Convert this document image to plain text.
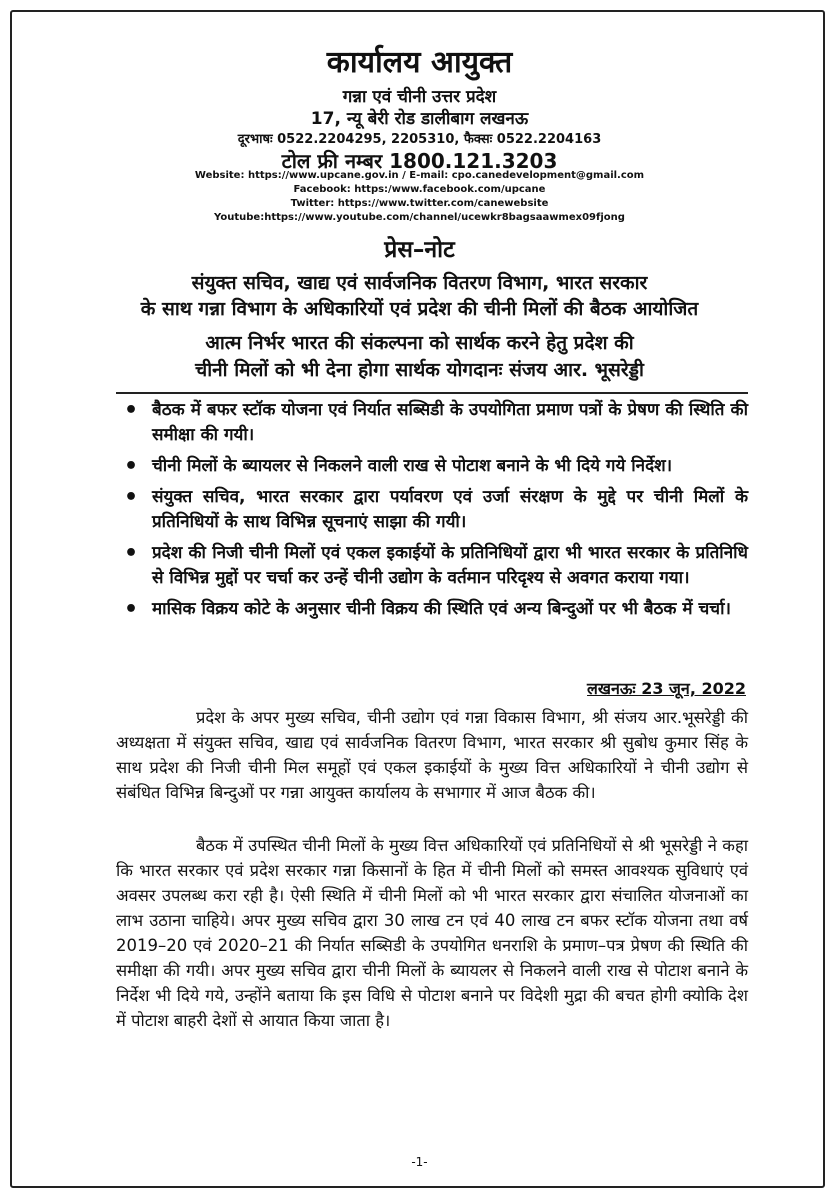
कार्यालय आयुक्त
गन्ना एवं चीनी उत्तर प्रदेश
17, न्यू बेरी रोड डालीबाग लखनऊ
दूरभाषः 0522.2204295, 2205310, फैक्सः 0522.2204163
टोल फ्री नम्बर 1800.121.3203
Website: https://www.upcane.gov.in / E-mail: cpo.canedevelopment@gmail.com
Facebook: https:/www.facebook.com/upcane
Twitter: https://www.twitter.com/canewebsite
Youtube:https://www.youtube.com/channel/ucewkr8bagsaawmex09fjong
प्रेस–नोट
संयुक्त सचिव, खाद्य एवं सार्वजनिक वितरण विभाग, भारत सरकार
के साथ गन्ना विभाग के अधिकारियों एवं प्रदेश की चीनी मिलों की बैठक आयोजित
आत्म निर्भर भारत की संकल्पना को सार्थक करने हेतु प्रदेश की
चीनी मिलों को भी देना होगा सार्थक योगदानः संजय आर. भूसरेड्डी
• बैठक में बफर स्टॉक योजना एवं निर्यात सब्सिडी के उपयोगिता प्रमाण पत्रों के प्रेषण की स्थिति की समीक्षा की गयी।
• चीनी मिलों के ब्यायलर से निकलने वाली राख से पोटाश बनाने के भी दिये गये निर्देश।
• संयुक्त सचिव, भारत सरकार द्वारा पर्यावरण एवं उर्जा संरक्षण के मुद्दे पर चीनी मिलों के प्रतिनिधियों के साथ विभिन्न सूचनाएं साझा की गयी।
• प्रदेश की निजी चीनी मिलों एवं एकल इकाईयों के प्रतिनिधियों द्वारा भी भारत सरकार के प्रतिनिधि से विभिन्न मुद्दों पर चर्चा कर उन्हें चीनी उद्योग के वर्तमान परिदृश्य से अवगत कराया गया।
• मासिक विक्रय कोटे के अनुसार चीनी विक्रय की स्थिति एवं अन्य बिन्दुओं पर भी बैठक में चर्चा।
लखनऊः 23 जून, 2022

प्रदेश के अपर मुख्य सचिव, चीनी उद्योग एवं गन्ना विकास विभाग, श्री संजय आर.भूसरेड्डी की अध्यक्षता में संयुक्त सचिव, खाद्य एवं सार्वजनिक वितरण विभाग, भारत सरकार श्री सुबोध कुमार सिंह के साथ प्रदेश की निजी चीनी मिल समूहों एवं एकल इकाईयों के मुख्य वित्त अधिकारियों ने चीनी उद्योग से संबंधित विभिन्न बिन्दुओं पर गन्ना आयुक्त कार्यालय के सभागार में आज बैठक की।

बैठक में उपस्थित चीनी मिलों के मुख्य वित्त अधिकारियों एवं प्रतिनिधियों से श्री भूसरेड्डी ने कहा कि भारत सरकार एवं प्रदेश सरकार गन्ना किसानों के हित में चीनी मिलों को समस्त आवश्यक सुविधाएं एवं अवसर उपलब्ध करा रही है। ऐसी स्थिति में चीनी मिलों को भी भारत सरकार द्वारा संचालित योजनाओं का लाभ उठाना चाहिये। अपर मुख्य सचिव द्वारा 30 लाख टन एवं 40 लाख टन बफर स्टॉक योजना तथा वर्ष 2019–20 एवं 2020–21 की निर्यात सब्सिडी के उपयोगित धनराशि के प्रमाण–पत्र प्रेषण की स्थिति की समीक्षा की गयी। अपर मुख्य सचिव द्वारा चीनी मिलों के ब्यायलर से निकलने वाली राख से पोटाश बनाने के निर्देश भी दिये गये, उन्होंने बताया कि इस विधि से पोटाश बनाने पर विदेशी मुद्रा की बचत होगी क्योकि देश में पोटाश बाहरी देशों से आयात किया जाता है।

-1-
